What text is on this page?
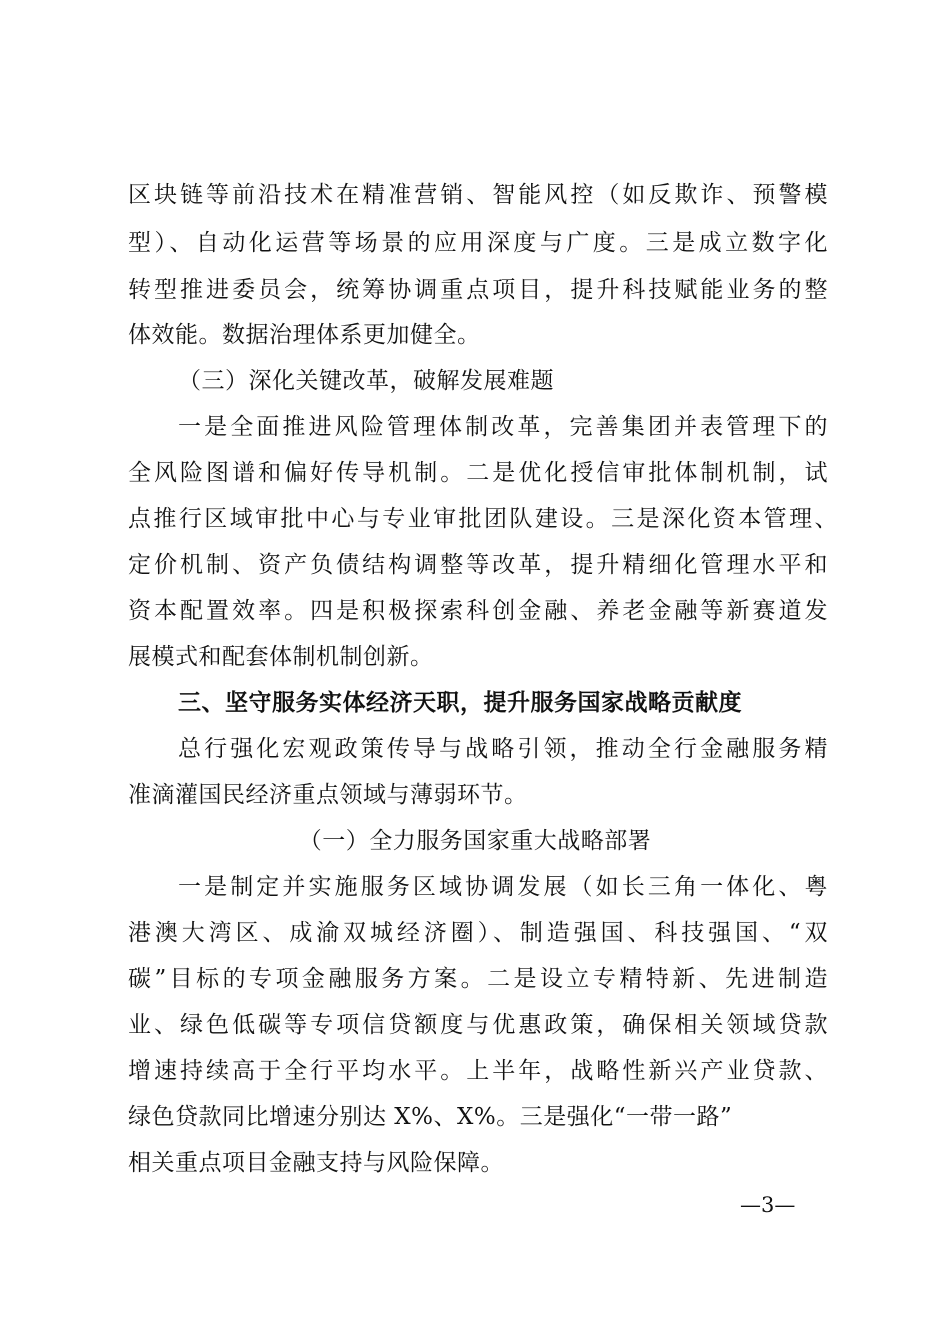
区块链等前沿技术在精准营销、智能风控（如反欺诈、预警模
型）、自动化运营等场景的应用深度与广度。三是成立数字化
转型推进委员会，统筹协调重点项目，提升科技赋能业务的整
体效能。数据治理体系更加健全。
（三）深化关键改革，破解发展难题
一是全面推进风险管理体制改革，完善集团并表管理下的
全风险图谱和偏好传导机制。二是优化授信审批体制机制，试
点推行区域审批中心与专业审批团队建设。三是深化资本管理、
定价机制、资产负债结构调整等改革，提升精细化管理水平和
资本配置效率。四是积极探索科创金融、养老金融等新赛道发
展模式和配套体制机制创新。
三、坚守服务实体经济天职，提升服务国家战略贡献度
总行强化宏观政策传导与战略引领，推动全行金融服务精
准滴灌国民经济重点领域与薄弱环节。
（一）全力服务国家重大战略部署
一是制定并实施服务区域协调发展（如长三角一体化、粤
港澳大湾区、成渝双城经济圈）、制造强国、科技强国、“双
碳”目标的专项金融服务方案。二是设立专精特新、先进制造
业、绿色低碳等专项信贷额度与优惠政策，确保相关领域贷款
增速持续高于全行平均水平。上半年，战略性新兴产业贷款、
绿色贷款同比增速分别达 X%、X%。三是强化“一带一路”
相关重点项目金融支持与风险保障。
—3—
